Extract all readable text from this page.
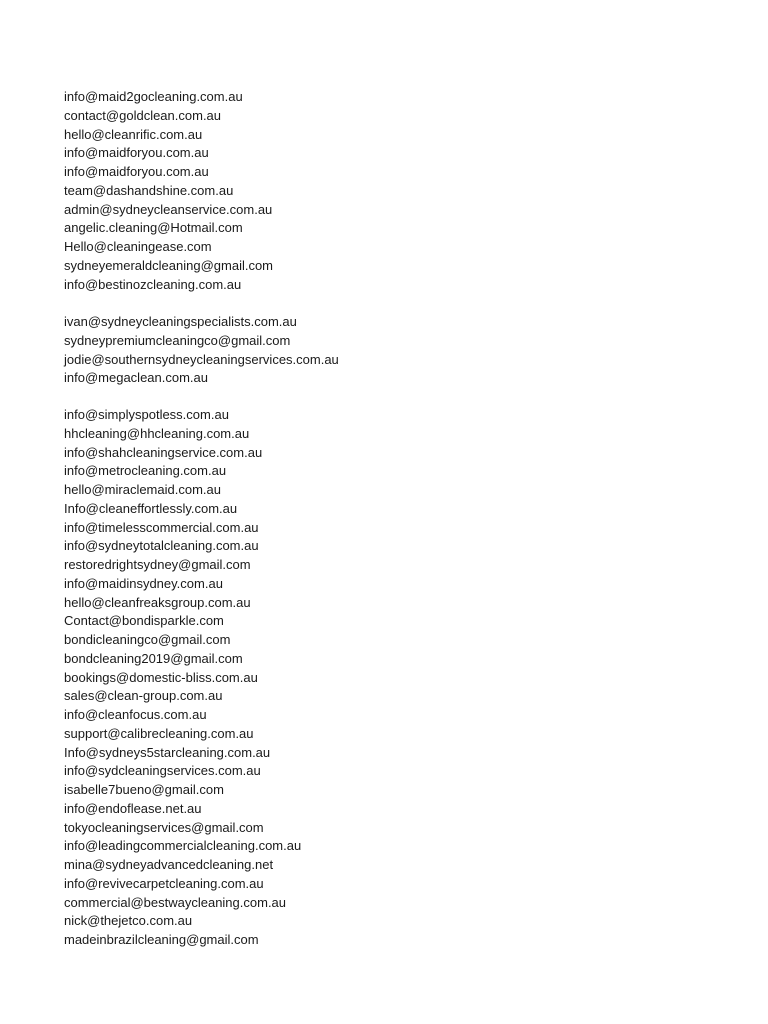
info@maid2gocleaning.com.au
contact@goldclean.com.au
hello@cleanrific.com.au
info@maidforyou.com.au
info@maidforyou.com.au
team@dashandshine.com.au
admin@sydneycleanservice.com.au
angelic.cleaning@Hotmail.com
Hello@cleaningease.com
sydneyemeraldcleaning@gmail.com
info@bestinozcleaning.com.au
ivan@sydneycleaningspecialists.com.au
sydneypremiumcleaningco@gmail.com
jodie@southernsydneycleaningservices.com.au
info@megaclean.com.au
info@simplyspotless.com.au
hhcleaning@hhcleaning.com.au
info@shahcleaningservice.com.au
info@metrocleaning.com.au
hello@miraclemaid.com.au
Info@cleaneffortlessly.com.au
info@timelesscommercial.com.au
info@sydneytotalcleaning.com.au
restoredrightsydney@gmail.com
info@maidinsydney.com.au
hello@cleanfreaksgroup.com.au
Contact@bondisparkle.com
bondicleaningco@gmail.com
bondcleaning2019@gmail.com
bookings@domestic-bliss.com.au
sales@clean-group.com.au
info@cleanfocus.com.au
support@calibrecleaning.com.au
Info@sydneys5starcleaning.com.au
info@sydcleaningservices.com.au
isabelle7bueno@gmail.com
info@endoflease.net.au
tokyocleaningservices@gmail.com
info@leadingcommercialcleaning.com.au
mina@sydneyadvancedcleaning.net
info@revivecarpetcleaning.com.au
commercial@bestwaycleaning.com.au
nick@thejetco.com.au
madeinbrazilcleaning@gmail.com
